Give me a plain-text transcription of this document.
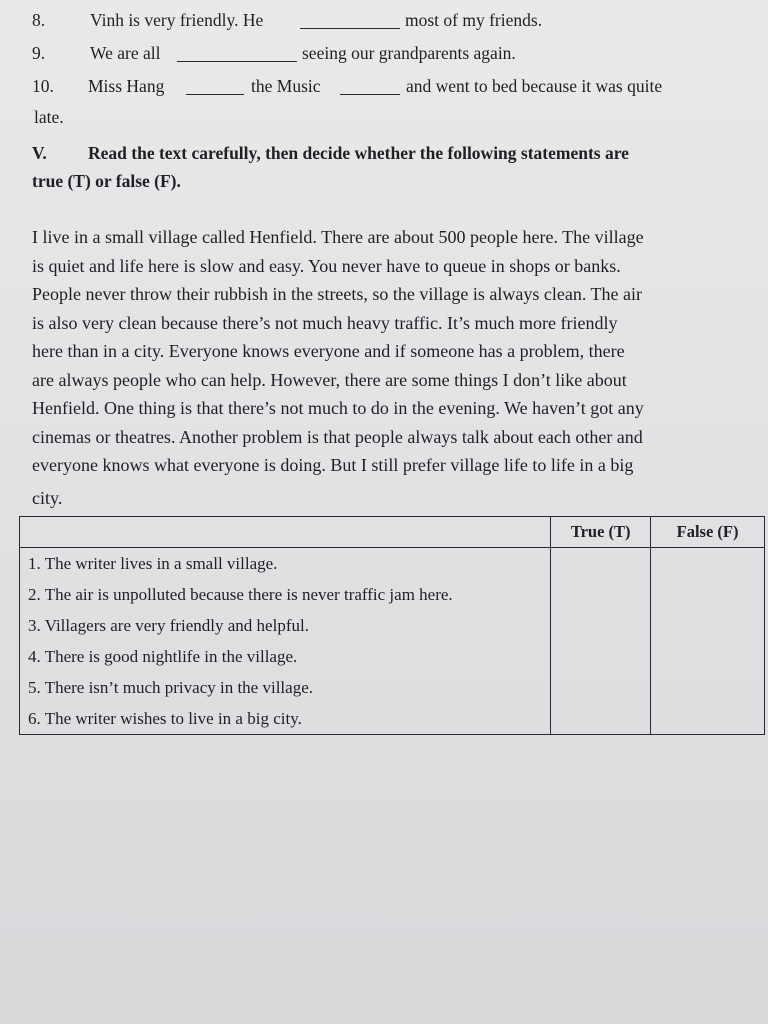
8.	Vinh is very friendly. He	most of my friends.
9.	We are all	seeing our grandparents again.
10. Miss Hang	the Music	and went to bed because it was quite
late.
V. Read the text carefully, then decide whether the following statements are
true (T) or false (F).
I live in a small village called Henfield. There are about 500 people here. The village
is quiet and life here is slow and easy. You never have to queue in shops or banks.
People never throw their rubbish in the streets, so the village is always clean. The air
is also very clean because there’s not much heavy traffic. It’s much more friendly
here than in a city. Everyone knows everyone and if someone has a problem, there
are always people who can help. However, there are some things I don’t like about
Henfield. One thing is that there’s not much to do in the evening. We haven’t got any
cinemas or theatres. Another problem is that people always talk about each other and
everyone knows what everyone is doing. But I still prefer village life to life in a big
city.
	True (T)	False (F)
1. The writer lives in a small village.		
2. The air is unpolluted because there is never traffic jam here.		
3. Villagers are very friendly and helpful.		
4. There is good nightlife in the village.		
5. There isn’t much privacy in the village.		
6. The writer wishes to live in a big city.		
